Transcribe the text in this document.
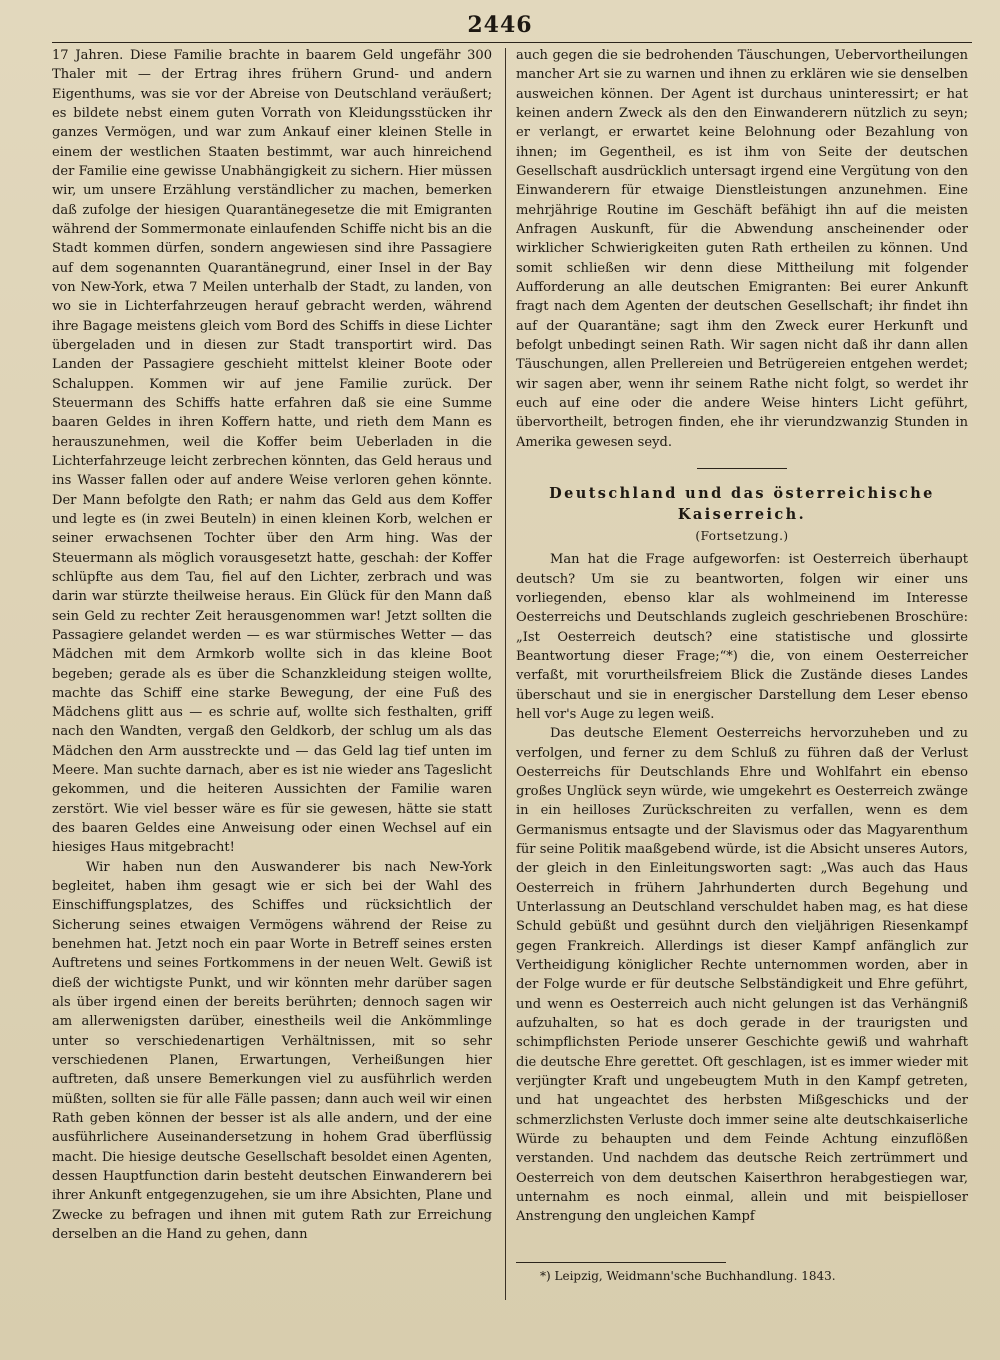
2446

17 Jahren. Diese Familie brachte in baarem Geld ungefähr 300 Thaler mit — der Ertrag ihres frühern Grund- und andern Eigenthums, was sie vor der Abreise von Deutschland veräußert; es bildete nebst einem guten Vorrath von Kleidungsstücken ihr ganzes Vermögen, und war zum Ankauf einer kleinen Stelle in einem der westlichen Staaten bestimmt, war auch hinreichend der Familie eine gewisse Unabhängigkeit zu sichern. Hier müssen wir, um unsere Erzählung verständlicher zu machen, bemerken daß zufolge der hiesigen Quarantänegesetze die mit Emigranten während der Sommermonate einlaufenden Schiffe nicht bis an die Stadt kommen dürfen, sondern angewiesen sind ihre Passagiere auf dem sogenannten Quarantänegrund, einer Insel in der Bay von New-York, etwa 7 Meilen unterhalb der Stadt, zu landen, von wo sie in Lichterfahrzeugen herauf gebracht werden, während ihre Bagage meistens gleich vom Bord des Schiffs in diese Lichter übergeladen und in diesen zur Stadt transportirt wird. Das Landen der Passagiere geschieht mittelst kleiner Boote oder Schaluppen. Kommen wir auf jene Familie zurück. Der Steuermann des Schiffs hatte erfahren daß sie eine Summe baaren Geldes in ihren Koffern hatte, und rieth dem Mann es herauszunehmen, weil die Koffer beim Ueberladen in die Lichterfahrzeuge leicht zerbrechen könnten, das Geld heraus und ins Wasser fallen oder auf andere Weise verloren gehen könnte. Der Mann befolgte den Rath; er nahm das Geld aus dem Koffer und legte es (in zwei Beuteln) in einen kleinen Korb, welchen er seiner erwachsenen Tochter über den Arm hing. Was der Steuermann als möglich vorausgesetzt hatte, geschah: der Koffer schlüpfte aus dem Tau, fiel auf den Lichter, zerbrach und was darin war stürzte theilweise heraus. Ein Glück für den Mann daß sein Geld zu rechter Zeit herausgenommen war! Jetzt sollten die Passagiere gelandet werden — es war stürmisches Wetter — das Mädchen mit dem Armkorb wollte sich in das kleine Boot begeben; gerade als es über die Schanzkleidung steigen wollte, machte das Schiff eine starke Bewegung, der eine Fuß des Mädchens glitt aus — es schrie auf, wollte sich festhalten, griff nach den Wandten, vergaß den Geldkorb, der schlug um als das Mädchen den Arm ausstreckte und — das Geld lag tief unten im Meere. Man suchte darnach, aber es ist nie wieder ans Tageslicht gekommen, und die heiteren Aussichten der Familie waren zerstört. Wie viel besser wäre es für sie gewesen, hätte sie statt des baaren Geldes eine Anweisung oder einen Wechsel auf ein hiesiges Haus mitgebracht!

Wir haben nun den Auswanderer bis nach New-York begleitet, haben ihm gesagt wie er sich bei der Wahl des Einschiffungsplatzes, des Schiffes und rücksichtlich der Sicherung seines etwaigen Vermögens während der Reise zu benehmen hat. Jetzt noch ein paar Worte in Betreff seines ersten Auftretens und seines Fortkommens in der neuen Welt. Gewiß ist dieß der wichtigste Punkt, und wir könnten mehr darüber sagen als über irgend einen der bereits berührten; dennoch sagen wir am allerwenigsten darüber, einestheils weil die Ankömmlinge unter so verschiedenartigen Verhältnissen, mit so sehr verschiedenen Planen, Erwartungen, Verheißungen hier auftreten, daß unsere Bemerkungen viel zu ausführlich werden müßten, sollten sie für alle Fälle passen; dann auch weil wir einen Rath geben können der besser ist als alle andern, und der eine ausführlichere Auseinandersetzung in hohem Grad überflüssig macht. Die hiesige deutsche Gesellschaft besoldet einen Agenten, dessen Hauptfunction darin besteht deutschen Einwanderern bei ihrer Ankunft entgegenzugehen, sie um ihre Absichten, Plane und Zwecke zu befragen und ihnen mit gutem Rath zur Erreichung derselben an die Hand zu gehen, dann

auch gegen die sie bedrohenden Täuschungen, Uebervortheilungen mancher Art sie zu warnen und ihnen zu erklären wie sie denselben ausweichen können. Der Agent ist durchaus uninteressirt; er hat keinen andern Zweck als den den Einwanderern nützlich zu seyn; er verlangt, er erwartet keine Belohnung oder Bezahlung von ihnen; im Gegentheil, es ist ihm von Seite der deutschen Gesellschaft ausdrücklich untersagt irgend eine Vergütung von den Einwanderern für etwaige Dienstleistungen anzunehmen. Eine mehrjährige Routine im Geschäft befähigt ihn auf die meisten Anfragen Auskunft, für die Abwendung anscheinender oder wirklicher Schwierigkeiten guten Rath ertheilen zu können. Und somit schließen wir denn diese Mittheilung mit folgender Aufforderung an alle deutschen Emigranten: Bei eurer Ankunft fragt nach dem Agenten der deutschen Gesellschaft; ihr findet ihn auf der Quarantäne; sagt ihm den Zweck eurer Herkunft und befolgt unbedingt seinen Rath. Wir sagen nicht daß ihr dann allen Täuschungen, allen Prellereien und Betrügereien entgehen werdet; wir sagen aber, wenn ihr seinem Rathe nicht folgt, so werdet ihr euch auf eine oder die andere Weise hinters Licht geführt, übervortheilt, betrogen finden, ehe ihr vierundzwanzig Stunden in Amerika gewesen seyd.

Deutschland und das österreichische Kaiserreich.

(Fortsetzung.)

Man hat die Frage aufgeworfen: ist Oesterreich überhaupt deutsch? Um sie zu beantworten, folgen wir einer uns vorliegenden, ebenso klar als wohlmeinend im Interesse Oesterreichs und Deutschlands zugleich geschriebenen Broschüre: „Ist Oesterreich deutsch? eine statistische und glossirte Beantwortung dieser Frage;“*) die, von einem Oesterreicher verfaßt, mit vorurtheilsfreiem Blick die Zustände dieses Landes überschaut und sie in energischer Darstellung dem Leser ebenso hell vor's Auge zu legen weiß.

Das deutsche Element Oesterreichs hervorzuheben und zu verfolgen, und ferner zu dem Schluß zu führen daß der Verlust Oesterreichs für Deutschlands Ehre und Wohlfahrt ein ebenso großes Unglück seyn würde, wie umgekehrt es Oesterreich zwänge in ein heilloses Zurückschreiten zu verfallen, wenn es dem Germanismus entsagte und der Slavismus oder das Magyarenthum für seine Politik maaßgebend würde, ist die Absicht unseres Autors, der gleich in den Einleitungsworten sagt: „Was auch das Haus Oesterreich in frühern Jahrhunderten durch Begehung und Unterlassung an Deutschland verschuldet haben mag, es hat diese Schuld gebüßt und gesühnt durch den vieljährigen Riesenkampf gegen Frankreich. Allerdings ist dieser Kampf anfänglich zur Vertheidigung königlicher Rechte unternommen worden, aber in der Folge wurde er für deutsche Selbständigkeit und Ehre geführt, und wenn es Oesterreich auch nicht gelungen ist das Verhängniß aufzuhalten, so hat es doch gerade in der traurigsten und schimpflichsten Periode unserer Geschichte gewiß und wahrhaft die deutsche Ehre gerettet. Oft geschlagen, ist es immer wieder mit verjüngter Kraft und ungebeugtem Muth in den Kampf getreten, und hat ungeachtet des herbsten Mißgeschicks und der schmerzlichsten Verluste doch immer seine alte deutschkaiserliche Würde zu behaupten und dem Feinde Achtung einzuflößen verstanden. Und nachdem das deutsche Reich zertrümmert und Oesterreich von dem deutschen Kaiserthron herabgestiegen war, unternahm es noch einmal, allein und mit beispielloser Anstrengung den ungleichen Kampf

*) Leipzig, Weidmann'sche Buchhandlung. 1843.
